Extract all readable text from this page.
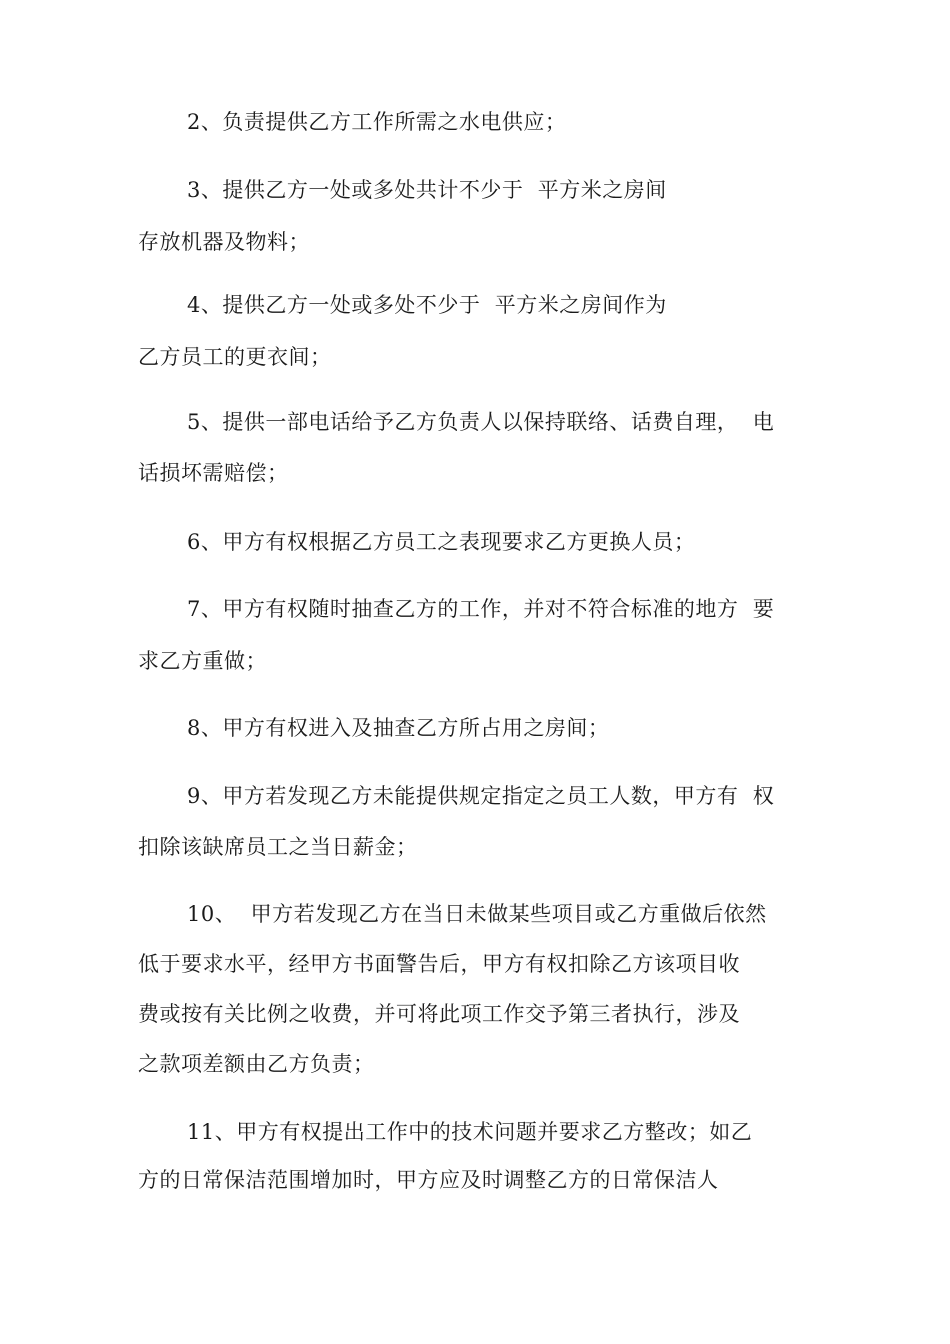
2、负责提供乙方工作所需之水电供应；
3、提供乙方一处或多处共计不少于  平方米之房间
存放机器及物料；
4、提供乙方一处或多处不少于  平方米之房间作为
乙方员工的更衣间；
5、提供一部电话给予乙方负责人以保持联络、话费自理，  电
话损坏需赔偿；
6、甲方有权根据乙方员工之表现要求乙方更换人员；
7、甲方有权随时抽查乙方的工作，并对不符合标准的地方  要
求乙方重做；
8、甲方有权进入及抽查乙方所占用之房间；
9、甲方若发现乙方未能提供规定指定之员工人数，甲方有  权
扣除该缺席员工之当日薪金；
10、  甲方若发现乙方在当日未做某些项目或乙方重做后依然
低于要求水平，经甲方书面警告后，甲方有权扣除乙方该项目收
费或按有关比例之收费，并可将此项工作交予第三者执行，涉及
之款项差额由乙方负责；
11、甲方有权提出工作中的技术问题并要求乙方整改；如乙
方的日常保洁范围增加时，甲方应及时调整乙方的日常保洁人
